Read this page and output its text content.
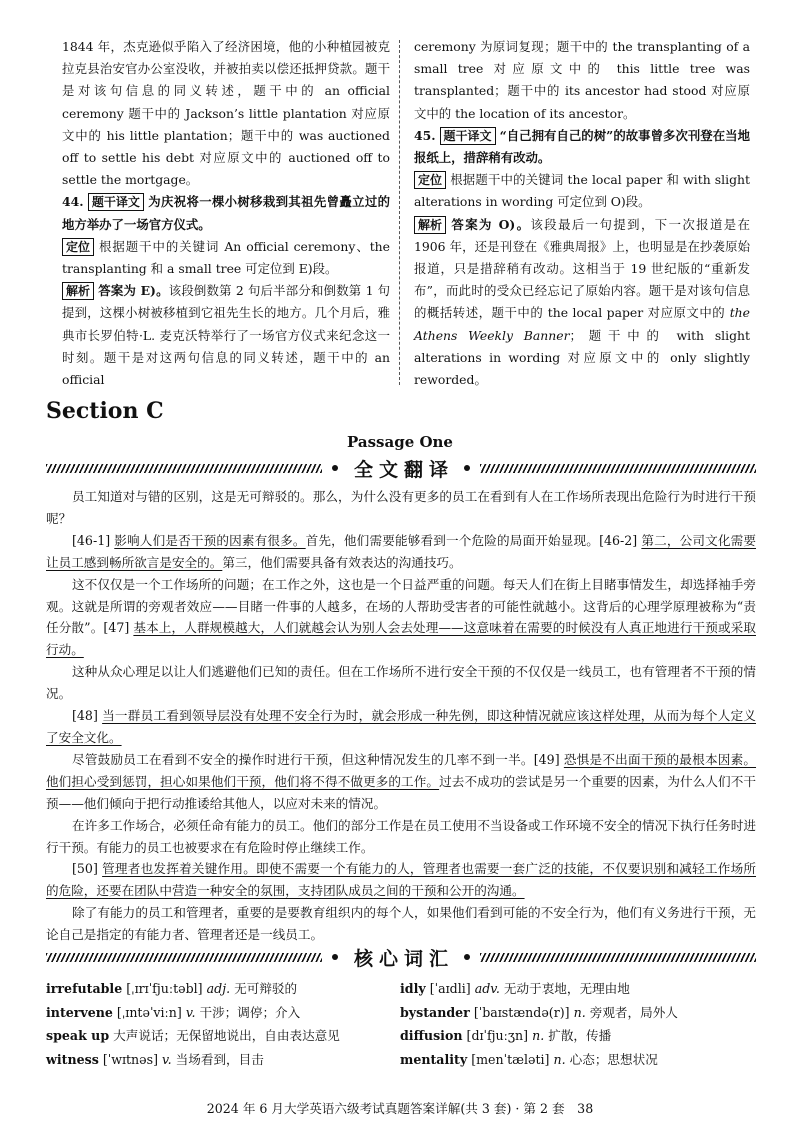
1844 年，杰克逊似乎陷入了经济困境，他的小种植园被克拉克县治安官办公室没收，并被拍卖以偿还抵押贷款。题干是对该句信息的同义转述，题干中的 an official ceremony 题干中的 Jackson’s little plantation 对应原文中的 his little plantation；题干中的 was auctioned off to settle his debt 对应原文中的 auctioned off to settle the mortgage。

44. 题干译文 为庆祝将一棵小树移栽到其祖先曾矗立过的地方举办了一场官方仪式。

定位 根据题干中的关键词 An official ceremony、the transplanting 和 a small tree 可定位到 E)段。

解析 答案为 E)。该段倒数第 2 句后半部分和倒数第 1 句提到，这棵小树被移植到它祖先生长的地方。几个月后，雅典市长罗伯特·L. 麦克沃特举行了一场官方仪式来纪念这一时刻。题干是对这两句信息的同义转述，题干中的 an official

ceremony 为原词复现；题干中的 the transplanting of a small tree 对应原文中的 this little tree was transplanted；题干中的 its ancestor had stood 对应原文中的 the location of its ancestor。

45. 题干译文 “自己拥有自己的树”的故事曾多次刊登在当地报纸上，措辞稍有改动。

定位 根据题干中的关键词 the local paper 和 with slight alterations in wording 可定位到 O)段。

解析 答案为 O)。该段最后一句提到，下一次报道是在 1906 年，还是刊登在《雅典周报》上，也明显是在抄袭原始报道，只是措辞稍有改动。这相当于 19 世纪版的“重新发布”，而此时的受众已经忘记了原始内容。题干是对该句信息的概括转述，题干中的 the local paper 对应原文中的 the Athens Weekly Banner；题干中的 with slight alterations in wording 对应原文中的 only slightly reworded。

Section C
Passage One
全文翻译

员工知道对与错的区别，这是无可辩驳的。那么，为什么没有更多的员工在看到有人在工作场所表现出危险行为时进行干预呢？

[46-1] 影响人们是否干预的因素有很多。首先，他们需要能够看到一个危险的局面开始显现。[46-2] 第二，公司文化需要让员工感到畅所欲言是安全的。第三，他们需要具备有效表达的沟通技巧。

这不仅仅是一个工作场所的问题；在工作之外，这也是一个日益严重的问题。每天人们在街上目睹事情发生，却选择袖手旁观。这就是所谓的旁观者效应——目睹一件事的人越多，在场的人帮助受害者的可能性就越小。这背后的心理学原理被称为“责任分散”。[47] 基本上，人群规模越大，人们就越会认为别人会去处理——这意味着在需要的时候没有人真正地进行干预或采取行动。

这种从众心理足以让人们逃避他们已知的责任。但在工作场所不进行安全干预的不仅仅是一线员工，也有管理者不干预的情况。

[48] 当一群员工看到领导层没有处理不安全行为时，就会形成一种先例，即这种情况就应该这样处理，从而为每个人定义了安全文化。

尽管鼓励员工在看到不安全的操作时进行干预，但这种情况发生的几率不到一半。[49] 恐惧是不出面干预的最根本因素。他们担心受到惩罚，担心如果他们干预，他们将不得不做更多的工作。过去不成功的尝试是另一个重要的因素，为什么人们不干预——他们倾向于把行动推诿给其他人，以应对未来的情况。

在许多工作场合，必须任命有能力的员工。他们的部分工作是在员工使用不当设备或工作环境不安全的情况下执行任务时进行干预。有能力的员工也被要求在有危险时停止继续工作。

[50] 管理者也发挥着关键作用。即使不需要一个有能力的人，管理者也需要一套广泛的技能，不仅要识别和减轻工作场所的危险，还要在团队中营造一种安全的氛围，支持团队成员之间的干预和公开的沟通。

除了有能力的员工和管理者，重要的是要教育组织内的每个人，如果他们看到可能的不安全行为，他们有义务进行干预，无论自己是指定的有能力者、管理者还是一线员工。

核心词汇
irrefutable [ˌɪrɪˈfjuːtəbl] adj. 无可辩驳的
intervene [ˌɪntəˈviːn] v. 干涉；调停；介入
speak up 大声说话；无保留地说出，自由表达意见
witness [ˈwɪtnəs] v. 当场看到，目击
idly [ˈaɪdli] adv. 无动于衷地，无理由地
bystander [ˈbaɪstændə(r)] n. 旁观者，局外人
diffusion [dɪˈfjuːʒn] n. 扩散，传播
mentality [menˈtæləti] n. 心态；思想状况
2024 年 6 月大学英语六级考试真题答案详解(共 3 套) · 第 2 套　38
